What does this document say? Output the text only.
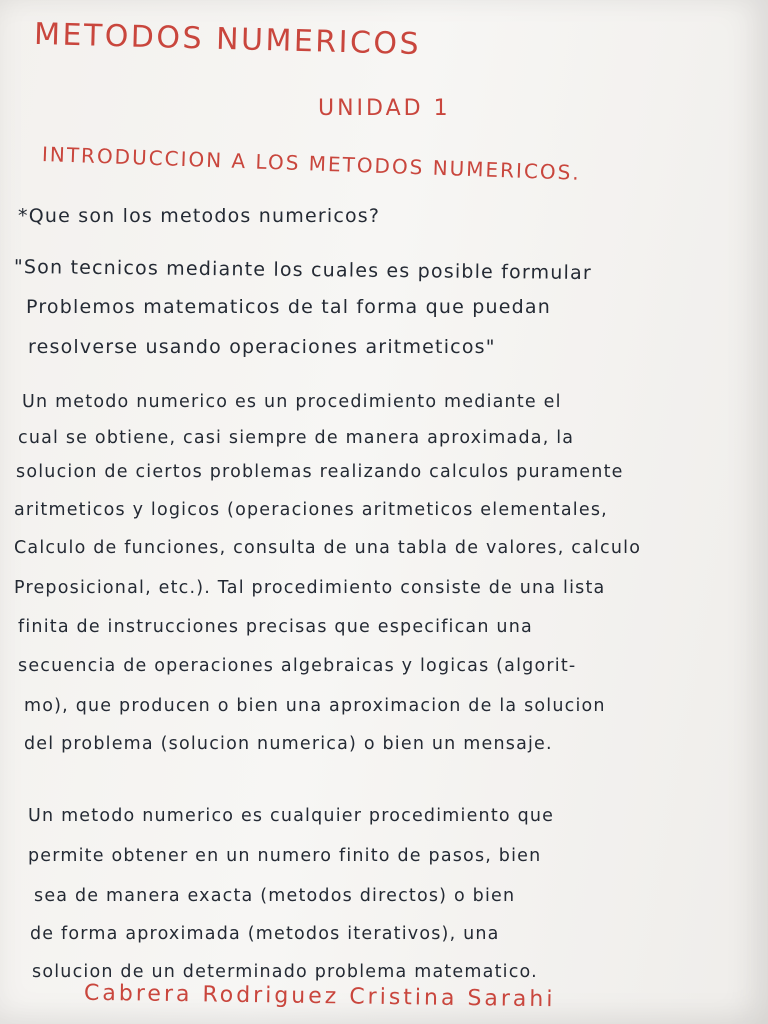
METODOS NUMERICOS
UNIDAD 1
INTRODUCCION A LOS METODOS NUMERICOS.
*Que son los metodos numericos?
"Son tecnicos mediante los cuales es posible formular
Problemos matematicos de tal forma que puedan
resolverse usando operaciones aritmeticos"
Un metodo numerico es un procedimiento mediante el
cual se obtiene, casi siempre de manera aproximada, la
solucion de ciertos problemas realizando calculos puramente
aritmeticos y logicos (operaciones aritmeticos elementales,
Calculo de funciones, consulta de una tabla de valores, calculo
Preposicional, etc.). Tal procedimiento consiste de una lista
finita de instrucciones precisas que especifican una
secuencia de operaciones algebraicas y logicas (algorit-
mo), que producen o bien una aproximacion de la solucion
del problema (solucion numerica) o bien un mensaje.
Un metodo numerico es cualquier procedimiento que
permite obtener en un numero finito de pasos, bien
sea de manera exacta (metodos directos) o bien
de forma aproximada (metodos iterativos), una
solucion de un determinado problema matematico.
Cabrera Rodriguez Cristina Sarahi
